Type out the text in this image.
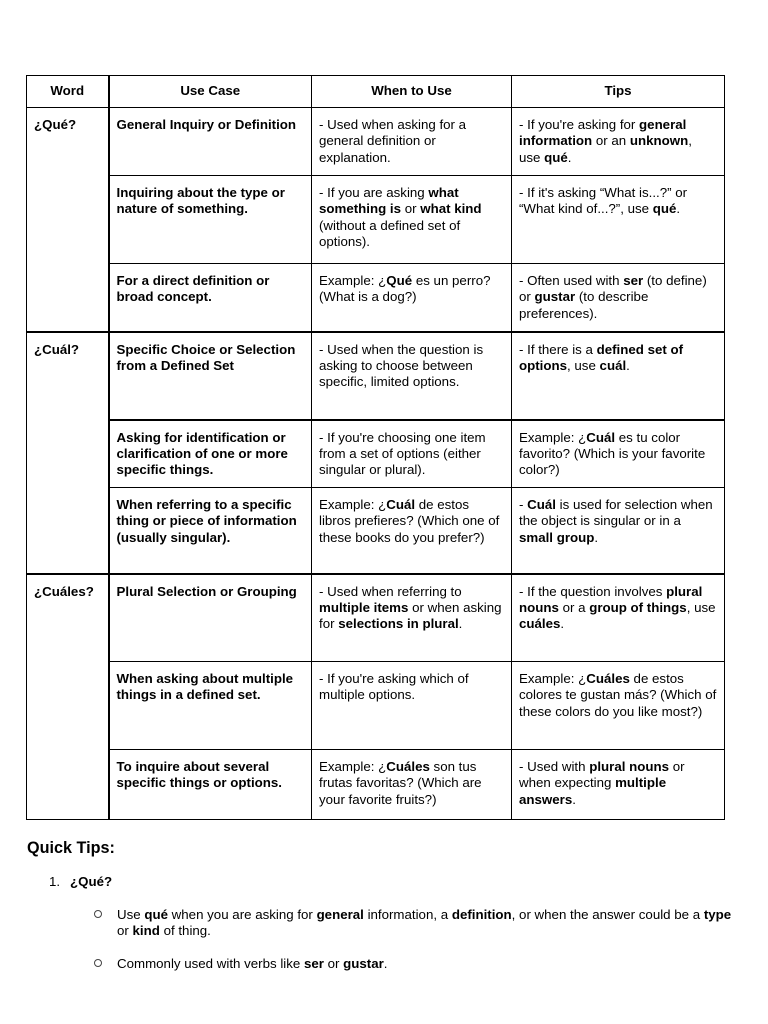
Word	Use Case	When to Use	Tips
¿Qué?	General Inquiry or Definition	- Used when asking for a general definition or explanation.	- If you're asking for general information or an unknown, use qué.
	Inquiring about the type or nature of something.	- If you are asking what something is or what kind (without a defined set of options).	- If it's asking “What is...?” or “What kind of...?”, use qué.
	For a direct definition or broad concept.	Example: ¿Qué es un perro? (What is a dog?)	- Often used with ser (to define) or gustar (to describe preferences).
¿Cuál?	Specific Choice or Selection from a Defined Set	- Used when the question is asking to choose between specific, limited options.	- If there is a defined set of options, use cuál.
	Asking for identification or clarification of one or more specific things.	- If you're choosing one item from a set of options (either singular or plural).	Example: ¿Cuál es tu color favorito? (Which is your favorite color?)
	When referring to a specific thing or piece of information (usually singular).	Example: ¿Cuál de estos libros prefieres? (Which one of these books do you prefer?)	- Cuál is used for selection when the object is singular or in a small group.
¿Cuáles?	Plural Selection or Grouping	- Used when referring to multiple items or when asking for selections in plural.	- If the question involves plural nouns or a group of things, use cuáles.
	When asking about multiple things in a defined set.	- If you're asking which of multiple options.	Example: ¿Cuáles de estos colores te gustan más? (Which of these colors do you like most?)
	To inquire about several specific things or options.	Example: ¿Cuáles son tus frutas favoritas? (Which are your favorite fruits?)	- Used with plural nouns or when expecting multiple answers.
Quick Tips:
1. ¿Qué?
Use qué when you are asking for general information, a definition, or when the answer could be a type or kind of thing.
Commonly used with verbs like ser or gustar.
